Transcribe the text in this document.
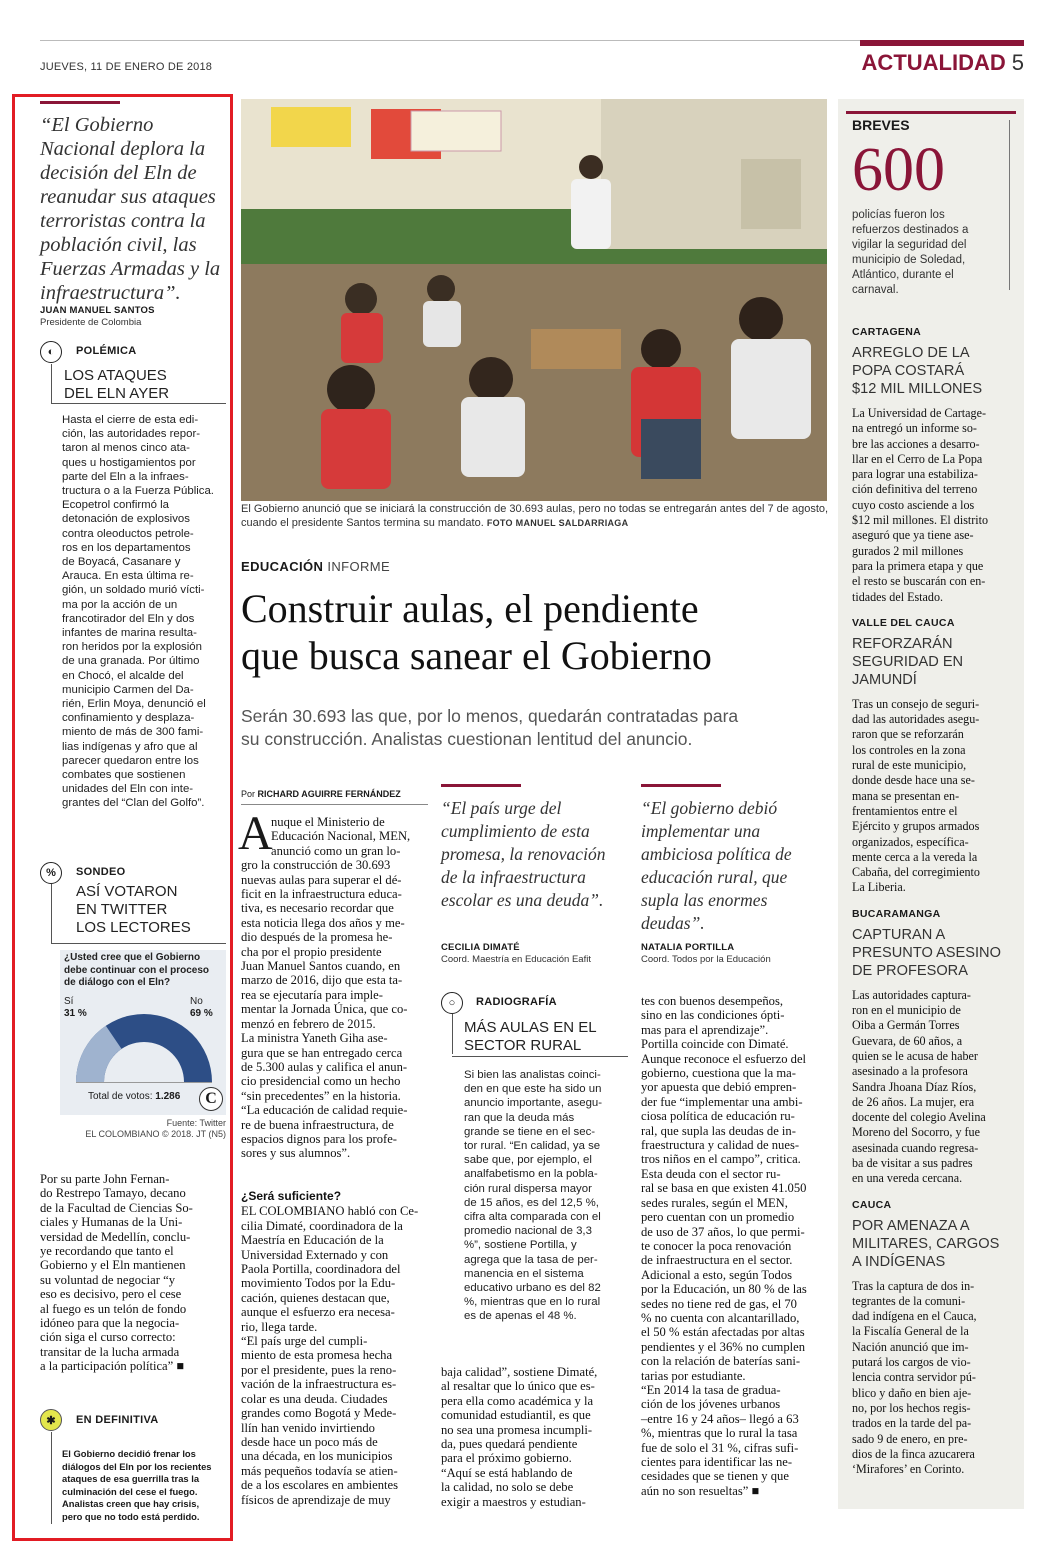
JUEVES, 11 DE ENERO DE 2018	ACTUALIDAD 5
“El Gobierno Nacional deplora la decisión del Eln de reanudar sus ataques terroristas contra la población civil, las Fuerzas Armadas y la infraestructura”.
JUAN MANUEL SANTOS
Presidente de Colombia
◐	POLÉMICA
LOS ATAQUES
DEL ELN AYER
Hasta el cierre de esta edi-
ción, las autoridades repor-
taron al menos cinco ata-
ques u hostigamientos por
parte del Eln a la infraes-
tructura o a la Fuerza Pública.
Ecopetrol confirmó la
detonación de explosivos
contra oleoductos petrole-
ros en los departamentos
de Boyacá, Casanare y
Arauca. En esta última re-
gión, un soldado murió vícti-
ma por la acción de un
francotirador del Eln y dos
infantes de marina resulta-
ron heridos por la explosión
de una granada. Por último
en Chocó, el alcalde del
municipio Carmen del Da-
rién, Erlin Moya, denunció el
confinamiento y desplaza-
miento de más de 300 fami-
lias indígenas y afro que al
parecer quedaron entre los
combates que sostienen
unidades del Eln con inte-
grantes del “Clan del Golfo”.
%	SONDEO
ASÍ VOTARON
EN TWITTER
LOS LECTORES
¿Usted cree que el Gobierno debe continuar con el proceso de diálogo con el Eln?
Sí
31 %
No
69 %
Total de votos: 1.286	C
Fuente: Twitter
EL COLOMBIANO © 2018. JT (N5)
Por su parte John Fernan-
do Restrepo Tamayo, decano
de la Facultad de Ciencias So-
ciales y Humanas de la Uni-
versidad de Medellín, conclu-
ye recordando que tanto el
Gobierno y el Eln mantienen
su voluntad de negociar “y
eso es decisivo, pero el cese
al fuego es un telón de fondo
idóneo para que la negocia-
ción siga el curso correcto:
transitar de la lucha armada
a la participación política” ■
✱	EN DEFINITIVA
El Gobierno decidió frenar los
diálogos del Eln por los recientes
ataques de esa guerrilla tras la
culminación del cese el fuego.
Analistas creen que hay crisis,
pero que no todo está perdido.
El Gobierno anunció que se iniciará la construcción de 30.693 aulas, pero no todas se entregarán antes del 7 de agosto, cuando el presidente Santos termina su mandato. FOTO MANUEL SALDARRIAGA
EDUCACIÓN INFORME
Construir aulas, el pendiente
que busca sanear el Gobierno
Serán 30.693 las que, por lo menos, quedarán contratadas para
su construcción. Analistas cuestionan lentitud del anuncio.
Por RICHARD AGUIRRE FERNÁNDEZ
A
nuque el Ministerio de
Educación Nacional, MEN,
anunció como un gran lo-
gro la construcción de 30.693
nuevas aulas para superar el dé-
ficit en la infraestructura educa-
tiva, es necesario recordar que
esta noticia llega dos años y me-
dio después de la promesa he-
cha por el propio presidente
Juan Manuel Santos cuando, en
marzo de 2016, dijo que esta ta-
rea se ejecutaría para imple-
mentar la Jornada Única, que co-
menzó en febrero de 2015.
La ministra Yaneth Giha ase-
gura que se han entregado cerca
de 5.300 aulas y califica el anun-
cio presidencial como un hecho
“sin precedentes” en la historia.
“La educación de calidad requie-
re de buena infraestructura, de
espacios dignos para los profe-
sores y sus alumnos”.
¿Será suficiente?
EL COLOMBIANO habló con Ce-
cilia Dimaté, coordinadora de la
Maestría en Educación de la
Universidad Externado y con
Paola Portilla, coordinadora del
movimiento Todos por la Edu-
cación, quienes destacan que,
aunque el esfuerzo era necesa-
rio, llega tarde.
“El país urge del cumpli-
miento de esta promesa hecha
por el presidente, pues la reno-
vación de la infraestructura es-
colar es una deuda. Ciudades
grandes como Bogotá y Mede-
llín han venido invirtiendo
desde hace un poco más de
una década, en los municipios
más pequeños todavía se atien-
de a los escolares en ambientes
físicos de aprendizaje de muy
“El país urge del cumplimiento de esta promesa, la renovación de la infraestructura escolar es una deuda”.
CECILIA DIMATÉ
Coord. Maestría en Educación Eafit
“El gobierno debió implementar una ambiciosa política de educación rural, que supla las enormes deudas”.
NATALIA PORTILLA
Coord. Todos por la Educación
○	RADIOGRAFÍA
MÁS AULAS EN EL
SECTOR RURAL
Si bien las analistas coinci-
den en que este ha sido un
anuncio importante, asegu-
ran que la deuda más
grande se tiene en el sec-
tor rural. “En calidad, ya se
sabe que, por ejemplo, el
analfabetismo en la pobla-
ción rural dispersa mayor
de 15 años, es del 12,5 %,
cifra alta comparada con el
promedio nacional de 3,3
%”, sostiene Portilla, y
agrega que la tasa de per-
manencia en el sistema
educativo urbano es del 82
%, mientras que en lo rural
es de apenas el 48 %.
baja calidad”, sostiene Dimaté,
al resaltar que lo único que es-
pera ella como académica y la
comunidad estudiantil, es que
no sea una promesa incumpli-
da, pues quedará pendiente
para el próximo gobierno.
“Aquí se está hablando de
la calidad, no solo se debe
exigir a maestros y estudian-
tes con buenos desempeños,
sino en las condiciones ópti-
mas para el aprendizaje”.
Portilla coincide con Dimaté.
Aunque reconoce el esfuerzo del
gobierno, cuestiona que la ma-
yor apuesta que debió empren-
der fue “implementar una ambi-
ciosa política de educación ru-
ral, que supla las deudas de in-
fraestructura y calidad de nues-
tros niños en el campo”, critica.
Esta deuda con el sector ru-
ral se basa en que existen 41.050
sedes rurales, según el MEN,
pero cuentan con un promedio
de uso de 37 años, lo que permi-
te conocer la poca renovación
de infraestructura en el sector.
Adicional a esto, según Todos
por la Educación, un 80 % de las
sedes no tiene red de gas, el 70
% no cuenta con alcantarillado,
el 50 % están afectadas por altas
pendientes y el 36% no cumplen
con la relación de baterías sani-
tarias por estudiante.
“En 2014 la tasa de gradua-
ción de los jóvenes urbanos
–entre 16 y 24 años– llegó a 63
%, mientras que lo rural la tasa
fue de solo el 31 %, cifras sufi-
cientes para identificar las ne-
cesidades que se tienen y que
aún no son resueltas” ■
BREVES
600
policías fueron los
refuerzos destinados a
vigilar la seguridad del
municipio de Soledad,
Atlántico, durante el
carnaval.
CARTAGENA
ARREGLO DE LA
POPA COSTARÁ
$12 MIL MILLONES
La Universidad de Cartage-
na entregó un informe so-
bre las acciones a desarro-
llar en el Cerro de La Popa
para lograr una estabiliza-
ción definitiva del terreno
cuyo costo asciende a los
$12 mil millones. El distrito
aseguró que ya tiene ase-
gurados 2 mil millones
para la primera etapa y que
el resto se buscarán con en-
tidades del Estado.
VALLE DEL CAUCA
REFORZARÁN
SEGURIDAD EN
JAMUNDÍ
Tras un consejo de seguri-
dad las autoridades asegu-
raron que se reforzarán
los controles en la zona
rural de este municipio,
donde desde hace una se-
mana se presentan en-
frentamientos entre el
Ejército y grupos armados
organizados, específica-
mente cerca a la vereda la
Cabaña, del corregimiento
La Liberia.
BUCARAMANGA
CAPTURAN A
PRESUNTO ASESINO
DE PROFESORA
Las autoridades captura-
ron en el municipio de
Oiba a Germán Torres
Guevara, de 60 años, a
quien se le acusa de haber
asesinado a la profesora
Sandra Jhoana Díaz Ríos,
de 26 años. La mujer, era
docente del colegio Avelina
Moreno del Socorro, y fue
asesinada cuando regresa-
ba de visitar a sus padres
en una vereda cercana.
CAUCA
POR AMENAZA A
MILITARES, CARGOS
A INDÍGENAS
Tras la captura de dos in-
tegrantes de la comuni-
dad indígena en el Cauca,
la Fiscalía General de la
Nación anunció que im-
putará los cargos de vio-
lencia contra servidor pú-
blico y daño en bien aje-
no, por los hechos regis-
trados en la tarde del pa-
sado 9 de enero, en pre-
dios de la finca azucarera
‘Mirafores’ en Corinto.
